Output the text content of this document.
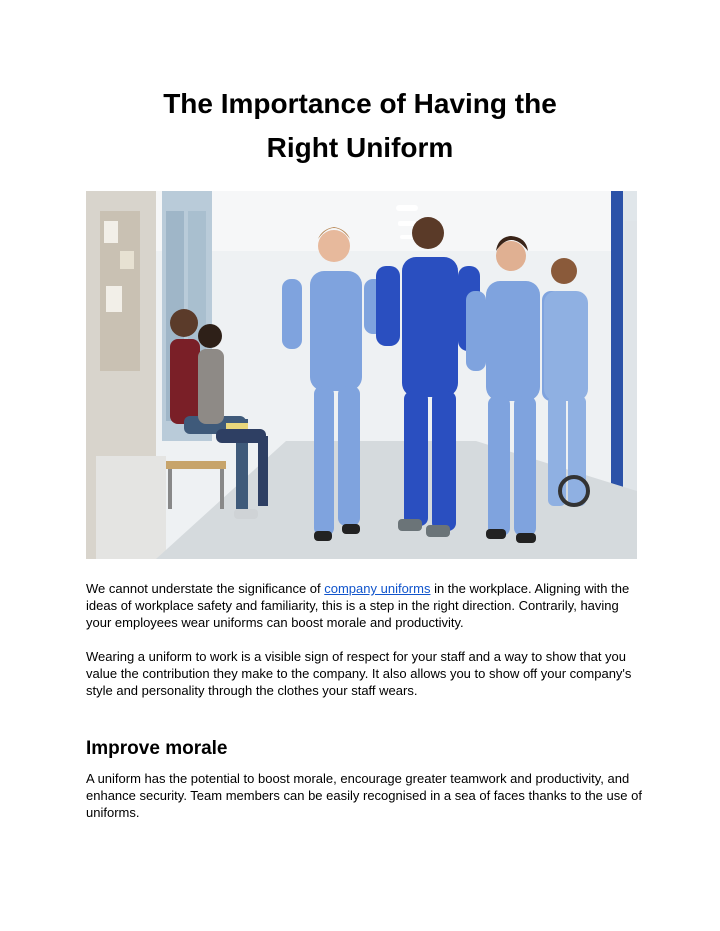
The Importance of Having the
Right Uniform

We cannot understate the significance of company uniforms in the workplace. Aligning with the ideas of workplace safety and familiarity, this is a step in the right direction. Contrarily, having your employees wear uniforms can boost morale and productivity.

Wearing a uniform to work is a visible sign of respect for your staff and a way to show that you value the contribution they make to the company. It also allows you to show off your company's style and personality through the clothes your staff wears.

Improve morale

A uniform has the potential to boost morale, encourage greater teamwork and productivity, and enhance security. Team members can be easily recognised in a sea of faces thanks to the use of uniforms.
